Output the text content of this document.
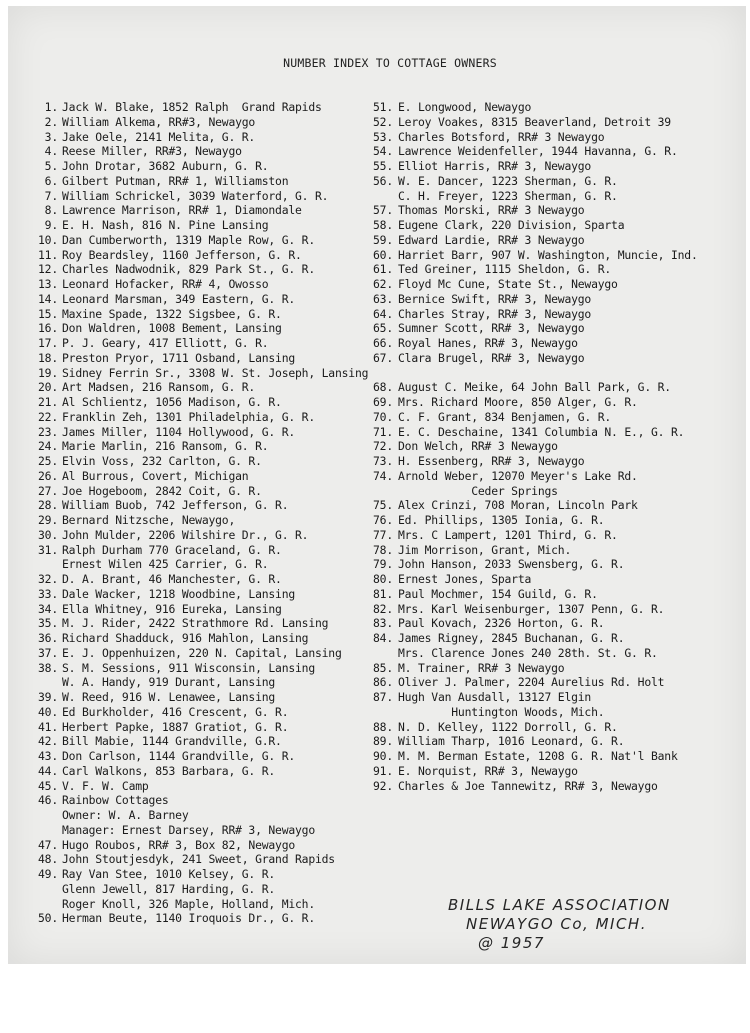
NUMBER INDEX TO COTTAGE OWNERS
1. Jack W. Blake, 1852 Ralph  Grand Rapids
2. William Alkema, RR#3, Newaygo
3. Jake Oele, 2141 Melita, G. R.
4. Reese Miller, RR#3, Newaygo
5. John Drotar, 3682 Auburn, G. R.
6. Gilbert Putman, RR# 1, Williamston
7. William Schrickel, 3039 Waterford, G. R.
8. Lawrence Marrison, RR# 1, Diamondale
9. E. H. Nash, 816 N. Pine Lansing
10. Dan Cumberworth, 1319 Maple Row, G. R.
11. Roy Beardsley, 1160 Jefferson, G. R.
12. Charles Nadwodnik, 829 Park St., G. R.
13. Leonard Hofacker, RR# 4, Owosso
14. Leonard Marsman, 349 Eastern, G. R.
15. Maxine Spade, 1322 Sigsbee, G. R.
16. Don Waldren, 1008 Bement, Lansing
17. P. J. Geary, 417 Elliott, G. R.
18. Preston Pryor, 1711 Osband, Lansing
19. Sidney Ferrin Sr., 3308 W. St. Joseph, Lansing
20. Art Madsen, 216 Ransom, G. R.
21. Al Schlientz, 1056 Madison, G. R.
22. Franklin Zeh, 1301 Philadelphia, G. R.
23. James Miller, 1104 Hollywood, G. R.
24. Marie Marlin, 216 Ransom, G. R.
25. Elvin Voss, 232 Carlton, G. R.
26. Al Burrous, Covert, Michigan
27. Joe Hogeboom, 2842 Coit, G. R.
28. William Buob, 742 Jefferson, G. R.
29. Bernard Nitzsche, Newaygo,
30. John Mulder, 2206 Wilshire Dr., G. R.
31. Ralph Durham 770 Graceland, G. R.
Ernest Wilen 425 Carrier, G. R.
32. D. A. Brant, 46 Manchester, G. R.
33. Dale Wacker, 1218 Woodbine, Lansing
34. Ella Whitney, 916 Eureka, Lansing
35. M. J. Rider, 2422 Strathmore Rd. Lansing
36. Richard Shadduck, 916 Mahlon, Lansing
37. E. J. Oppenhuizen, 220 N. Capital, Lansing
38. S. M. Sessions, 911 Wisconsin, Lansing
W. A. Handy, 919 Durant, Lansing
39. W. Reed, 916 W. Lenawee, Lansing
40. Ed Burkholder, 416 Crescent, G. R.
41. Herbert Papke, 1887 Gratiot, G. R.
42. Bill Mabie, 1144 Grandville, G.R.
43. Don Carlson, 1144 Grandville, G. R.
44. Carl Walkons, 853 Barbara, G. R.
45. V. F. W. Camp
46. Rainbow Cottages
Owner: W. A. Barney
Manager: Ernest Darsey, RR# 3, Newaygo
47. Hugo Roubos, RR# 3, Box 82, Newaygo
48. John Stoutjesdyk, 241 Sweet, Grand Rapids
49. Ray Van Stee, 1010 Kelsey, G. R.
Glenn Jewell, 817 Harding, G. R.
Roger Knoll, 326 Maple, Holland, Mich.
50. Herman Beute, 1140 Iroquois Dr., G. R.
51. E. Longwood, Newaygo
52. Leroy Voakes, 8315 Beaverland, Detroit 39
53. Charles Botsford, RR# 3 Newaygo
54. Lawrence Weidenfeller, 1944 Havanna, G. R.
55. Elliot Harris, RR# 3, Newaygo
56. W. E. Dancer, 1223 Sherman, G. R.
C. H. Freyer, 1223 Sherman, G. R.
57. Thomas Morski, RR# 3 Newaygo
58. Eugene Clark, 220 Division, Sparta
59. Edward Lardie, RR# 3 Newaygo
60. Harriet Barr, 907 W. Washington, Muncie, Ind.
61. Ted Greiner, 1115 Sheldon, G. R.
62. Floyd Mc Cune, State St., Newaygo
63. Bernice Swift, RR# 3, Newaygo
64. Charles Stray, RR# 3, Newaygo
65. Sumner Scott, RR# 3, Newaygo
66. Royal Hanes, RR# 3, Newaygo
67. Clara Brugel, RR# 3, Newaygo
68. August C. Meike, 64 John Ball Park, G. R.
69. Mrs. Richard Moore, 850 Alger, G. R.
70. C. F. Grant, 834 Benjamen, G. R.
71. E. C. Deschaine, 1341 Columbia N. E., G. R.
72. Don Welch, RR# 3 Newaygo
73. H. Essenberg, RR# 3, Newaygo
74. Arnold Weber, 12070 Meyer's Lake Rd.
Ceder Springs
75. Alex Crinzi, 708 Moran, Lincoln Park
76. Ed. Phillips, 1305 Ionia, G. R.
77. Mrs. C Lampert, 1201 Third, G. R.
78. Jim Morrison, Grant, Mich.
79. John Hanson, 2033 Swensberg, G. R.
80. Ernest Jones, Sparta
81. Paul Mochmer, 154 Guild, G. R.
82. Mrs. Karl Weisenburger, 1307 Penn, G. R.
83. Paul Kovach, 2326 Horton, G. R.
84. James Rigney, 2845 Buchanan, G. R.
Mrs. Clarence Jones 240 28th. St. G. R.
85. M. Trainer, RR# 3 Newaygo
86. Oliver J. Palmer, 2204 Aurelius Rd. Holt
87. Hugh Van Ausdall, 13127 Elgin
Huntington Woods, Mich.
88. N. D. Kelley, 1122 Dorroll, G. R.
89. William Tharp, 1016 Leonard, G. R.
90. M. M. Berman Estate, 1208 G. R. Nat'l Bank
91. E. Norquist, RR# 3, Newaygo
92. Charles & Joe Tannewitz, RR# 3, Newaygo
BILLS LAKE ASSOCIATION
NEWAYGO Co, MICH.
@ 1957
